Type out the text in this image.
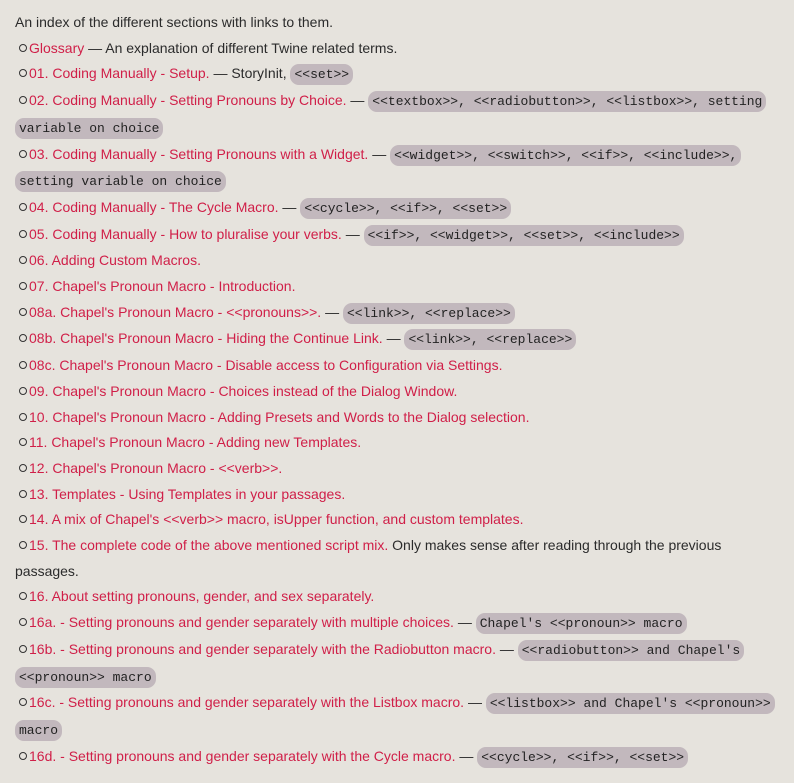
An index of the different sections with links to them.

Glossary — An explanation of different Twine related terms.
01. Coding Manually - Setup. — StoryInit, <<set>>
02. Coding Manually - Setting Pronouns by Choice. — <<textbox>>, <<radiobutton>>, <<listbox>>, setting variable on choice
03. Coding Manually - Setting Pronouns with a Widget. — <<widget>>, <<switch>>, <<if>>, <<include>>, setting variable on choice
04. Coding Manually - The Cycle Macro. — <<cycle>>, <<if>>, <<set>>
05. Coding Manually - How to pluralise your verbs. — <<if>>, <<widget>>, <<set>>, <<include>>
06. Adding Custom Macros.
07. Chapel's Pronoun Macro - Introduction.
08a. Chapel's Pronoun Macro - <<pronouns>>. — <<link>>, <<replace>>
08b. Chapel's Pronoun Macro - Hiding the Continue Link. — <<link>>, <<replace>>
08c. Chapel's Pronoun Macro - Disable access to Configuration via Settings.
09. Chapel's Pronoun Macro - Choices instead of the Dialog Window.
10. Chapel's Pronoun Macro - Adding Presets and Words to the Dialog selection.
11. Chapel's Pronoun Macro - Adding new Templates.
12. Chapel's Pronoun Macro - <<verb>>.
13. Templates - Using Templates in your passages.
14. A mix of Chapel's <<verb>> macro, isUpper function, and custom templates.
15. The complete code of the above mentioned script mix. Only makes sense after reading through the previous passages.
16. About setting pronouns, gender, and sex separately.
16a. - Setting pronouns and gender separately with multiple choices. — Chapel's <<pronoun>> macro
16b. - Setting pronouns and gender separately with the Radiobutton macro. — <<radiobutton>> and Chapel's <<pronoun>> macro
16c. - Setting pronouns and gender separately with the Listbox macro. — <<listbox>> and Chapel's <<pronoun>> macro
16d. - Setting pronouns and gender separately with the Cycle macro. — <<cycle>>, <<if>>, <<set>>
